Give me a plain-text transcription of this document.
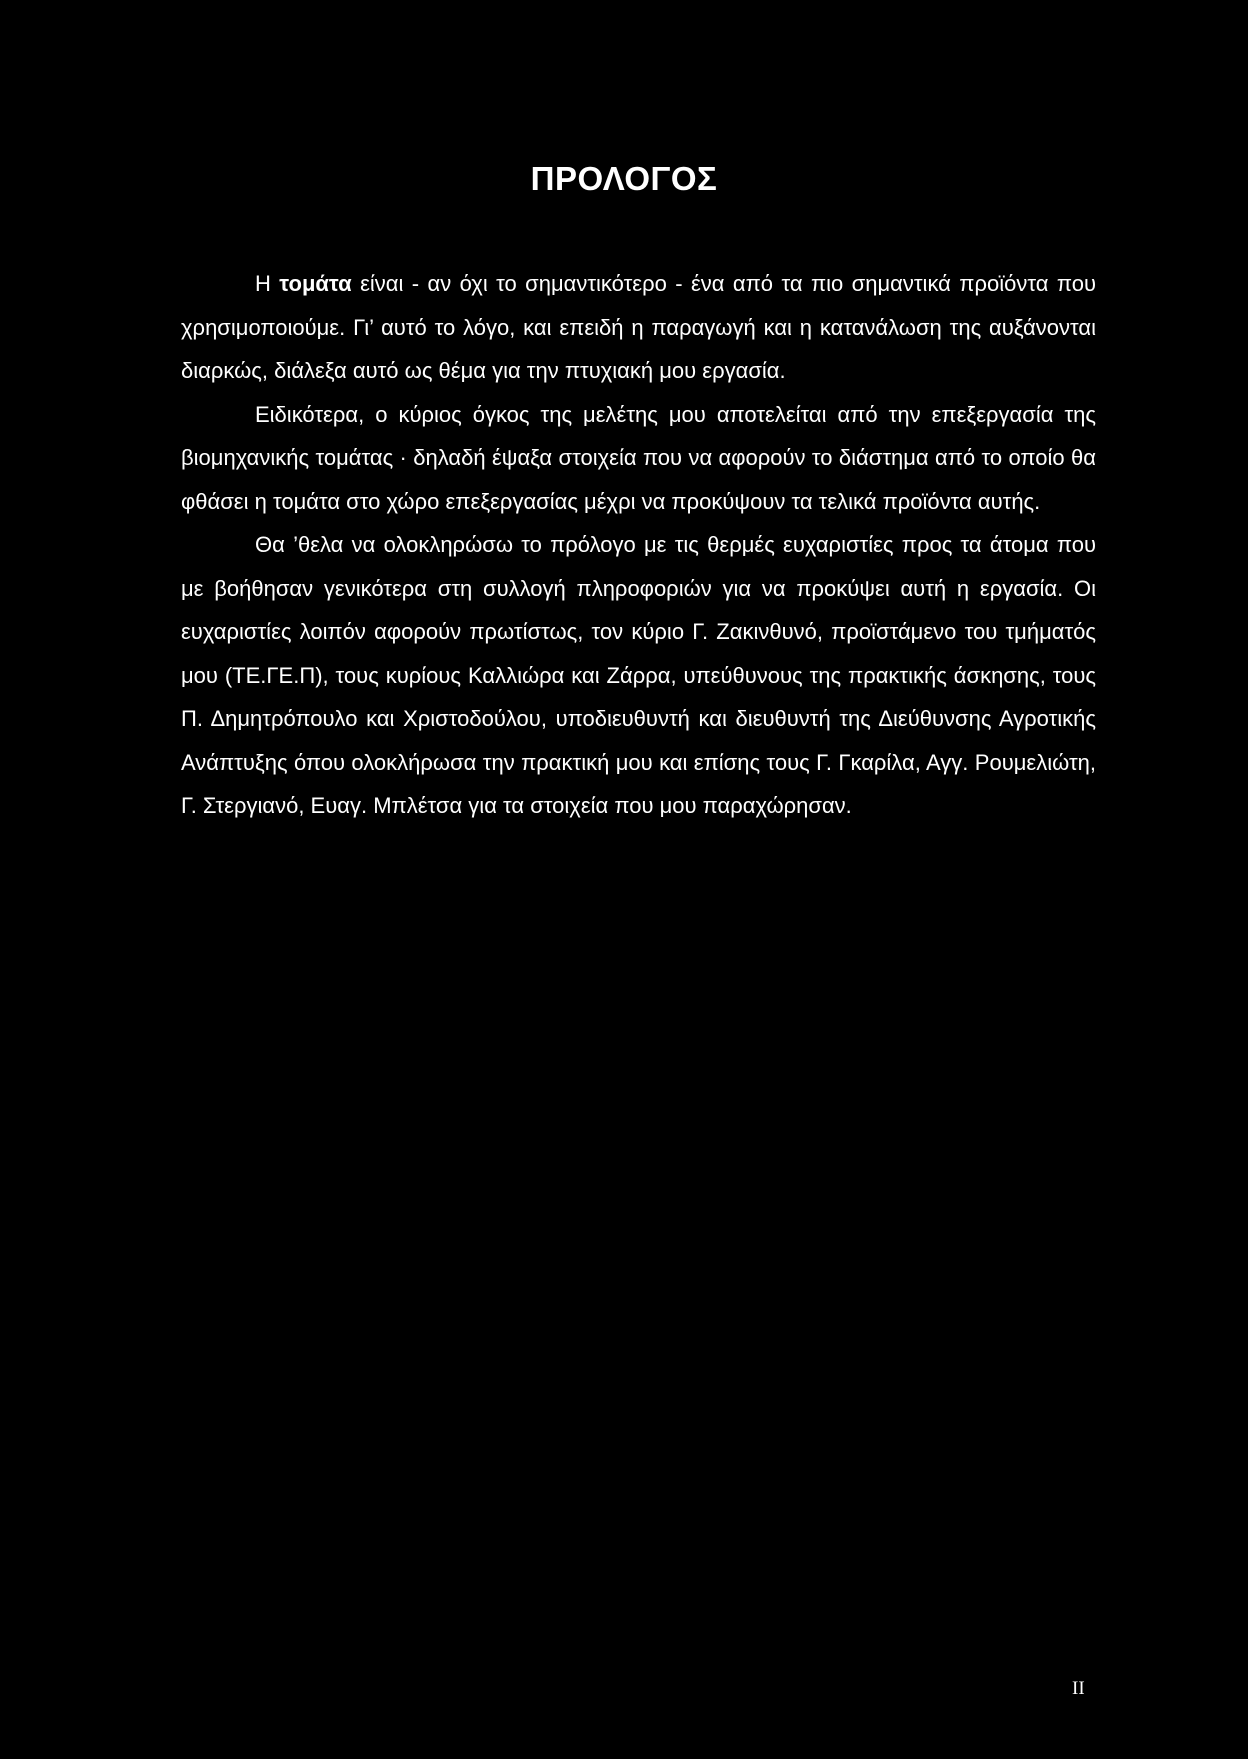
ΠΡΟΛΟΓΟΣ

Η τομάτα είναι - αν όχι το σημαντικότερο - ένα από τα πιο σημαντικά προϊόντα που χρησιμοποιούμε. Γι’ αυτό το λόγο, και επειδή η παραγωγή και η κατανάλωση της αυξάνονται διαρκώς, διάλεξα αυτό ως θέμα για την πτυχιακή μου εργασία.

Ειδικότερα, ο κύριος όγκος της μελέτης μου αποτελείται από την επεξεργασία της βιομηχανικής τομάτας · δηλαδή έψαξα στοιχεία που να αφορούν το διάστημα από το οποίο θα φθάσει η τομάτα στο χώρο επεξεργασίας μέχρι να προκύψουν τα τελικά προϊόντα αυτής.

Θα ’θελα να ολοκληρώσω το πρόλογο με τις θερμές ευχαριστίες προς τα άτομα που με βοήθησαν γενικότερα στη συλλογή πληροφοριών για να προκύψει αυτή η εργασία. Οι ευχαριστίες λοιπόν αφορούν πρωτίστως, τον κύριο Γ. Ζακινθυνό, προϊστάμενο του τμήματός μου (ΤΕ.ΓΕ.Π), τους κυρίους Καλλιώρα και Ζάρρα, υπεύθυνους της πρακτικής άσκησης, τους Π. Δημητρόπουλο και Χριστοδούλου, υποδιευθυντή και διευθυντή της Διεύθυνσης Αγροτικής Ανάπτυξης όπου ολοκλήρωσα την πρακτική μου και επίσης τους Γ. Γκαρίλα, Αγγ. Ρουμελιώτη, Γ. Στεργιανό, Ευαγ. Μπλέτσα για τα στοιχεία που μου παραχώρησαν.

II
